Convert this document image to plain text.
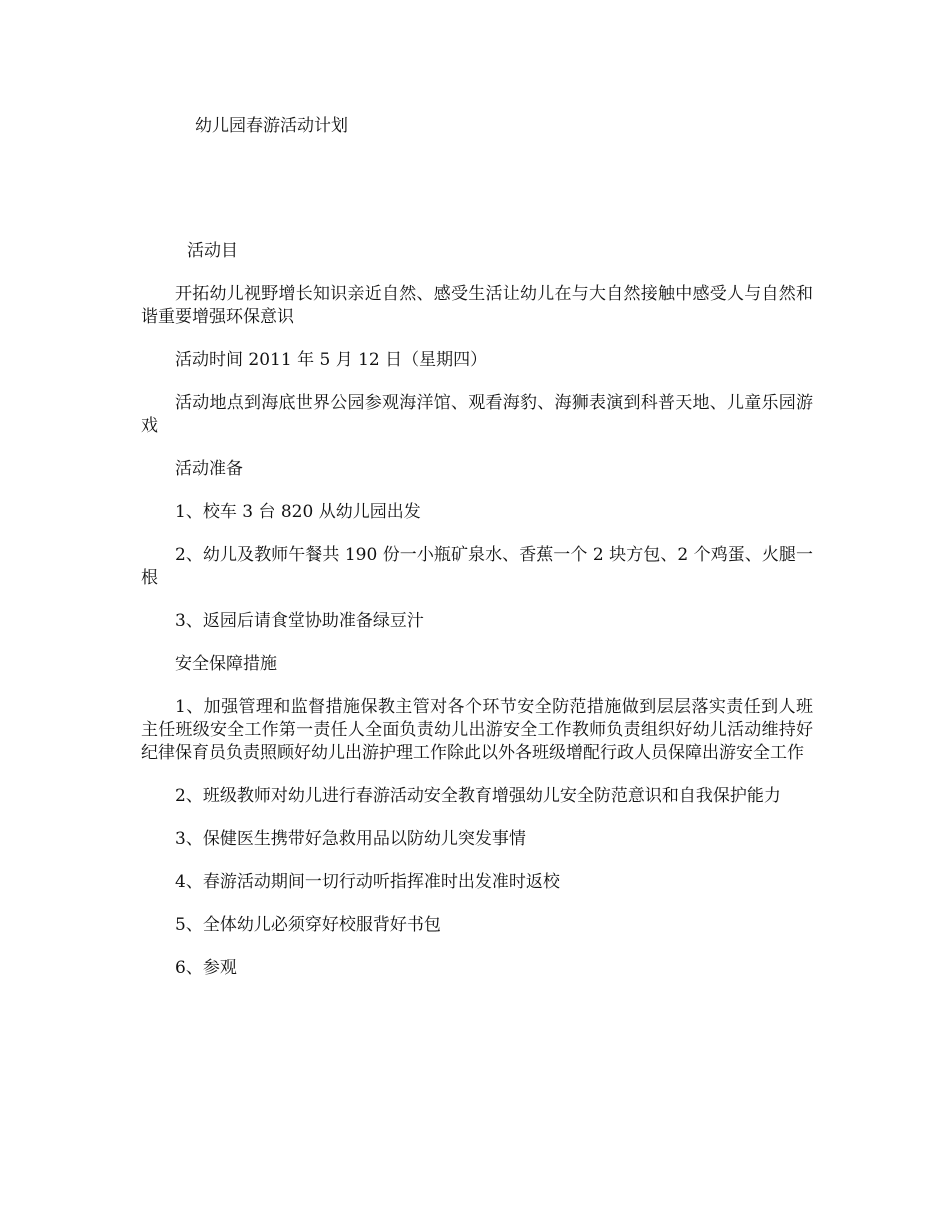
幼儿园春游活动计划

活动目

开拓幼儿视野增长知识亲近自然、感受生活让幼儿在与大自然接触中感受人与自然和谐重要增强环保意识

活动时间 2011 年 5 月 12 日（星期四）

活动地点到海底世界公园参观海洋馆、观看海豹、海狮表演到科普天地、儿童乐园游戏

活动准备

1、校车 3 台 820 从幼儿园出发

2、幼儿及教师午餐共 190 份一小瓶矿泉水、香蕉一个 2 块方包、2 个鸡蛋、火腿一根

3、返园后请食堂协助准备绿豆汁

安全保障措施

1、加强管理和监督措施保教主管对各个环节安全防范措施做到层层落实责任到人班主任班级安全工作第一责任人全面负责幼儿出游安全工作教师负责组织好幼儿活动维持好纪律保育员负责照顾好幼儿出游护理工作除此以外各班级增配行政人员保障出游安全工作

2、班级教师对幼儿进行春游活动安全教育增强幼儿安全防范意识和自我保护能力

3、保健医生携带好急救用品以防幼儿突发事情

4、春游活动期间一切行动听指挥准时出发准时返校

5、全体幼儿必须穿好校服背好书包

6、参观
